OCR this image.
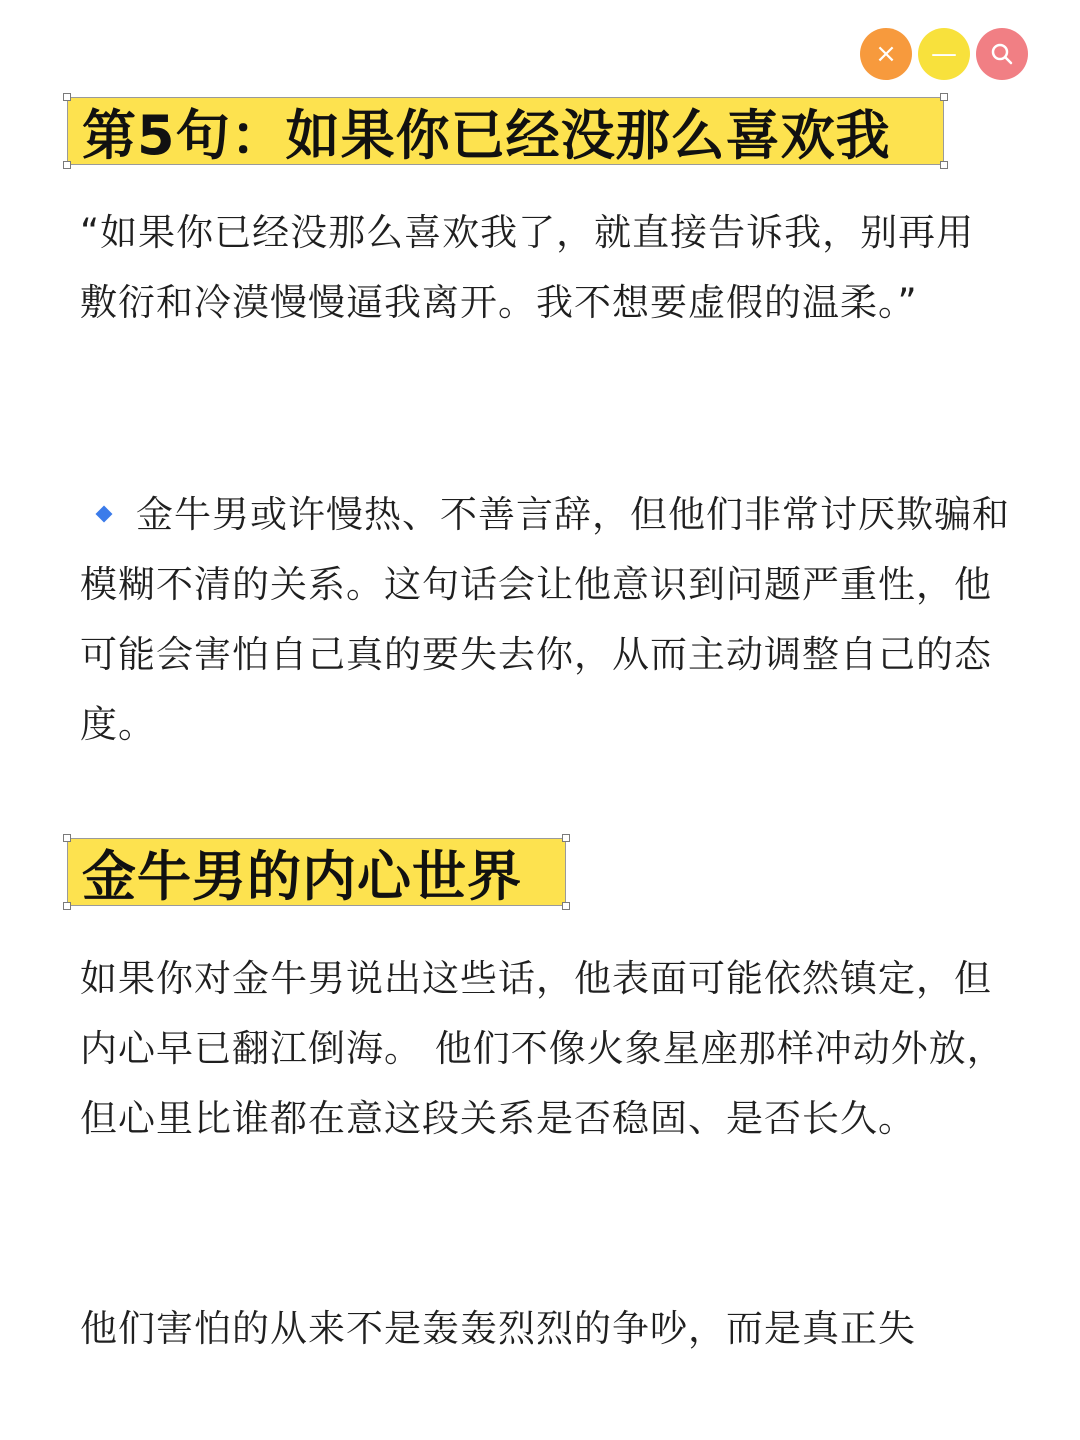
× —
第5句：如果你已经没那么喜欢我

“如果你已经没那么喜欢我了，就直接告诉我，别再用敷衍和冷漠慢慢逼我离开。我不想要虚假的温柔。”

金牛男或许慢热、不善言辞，但他们非常讨厌欺骗和模糊不清的关系。这句话会让他意识到问题严重性，他可能会害怕自己真的要失去你，从而主动调整自己的态度。

金牛男的内心世界

如果你对金牛男说出这些话，他表面可能依然镇定，但内心早已翻江倒海。 他们不像火象星座那样冲动外放，但心里比谁都在意这段关系是否稳固、是否长久。

他们害怕的从来不是轰轰烈烈的争吵，而是真正失
